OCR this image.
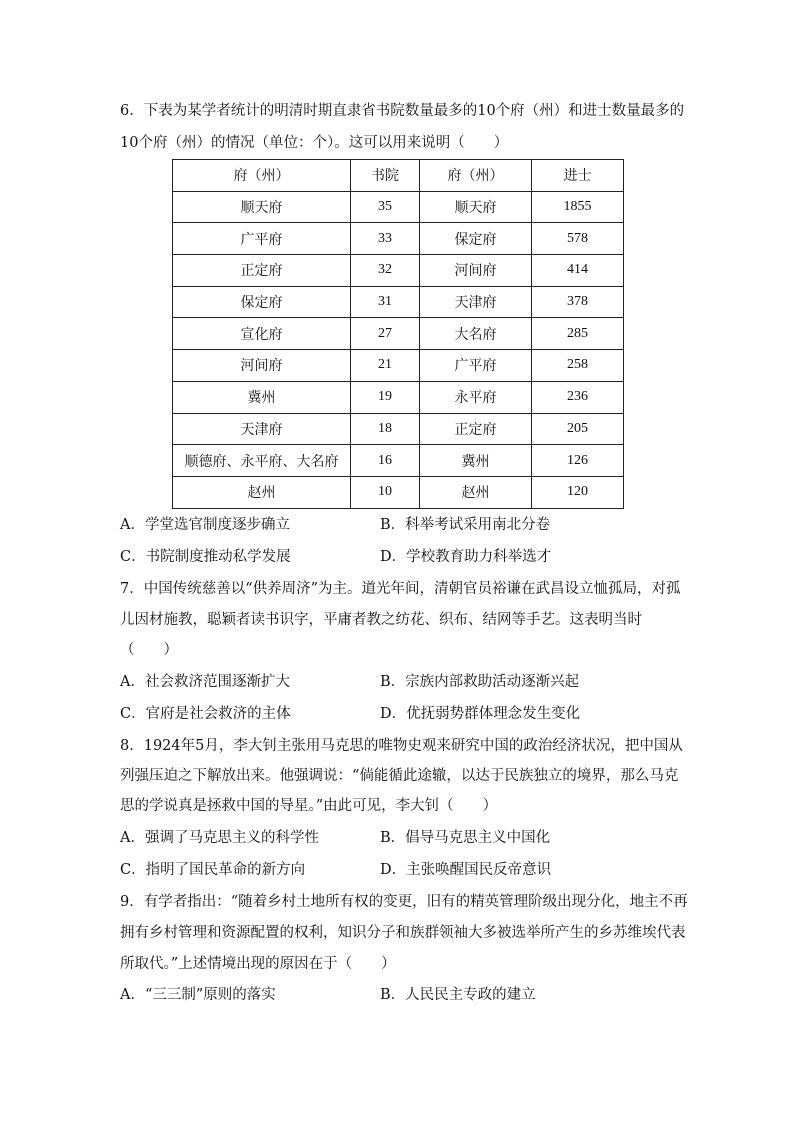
6．下表为某学者统计的明清时期直隶省书院数量最多的10个府（州）和进士数量最多的
10个府（州）的情况（单位：个）。这可以用来说明（　　）
府（州）	书院	府（州）	进士
顺天府	35	顺天府	1855
广平府	33	保定府	578
正定府	32	河间府	414
保定府	31	天津府	378
宣化府	27	大名府	285
河间府	21	广平府	258
冀州	19	永平府	236
天津府	18	正定府	205
顺德府、永平府、大名府	16	冀州	126
赵州	10	赵州	120
A．学堂选官制度逐步确立	B．科举考试采用南北分卷
C．书院制度推动私学发展	D．学校教育助力科举选才
7．中国传统慈善以“供养周济”为主。道光年间，清朝官员裕谦在武昌设立恤孤局，对孤
儿因材施教，聪颖者读书识字，平庸者教之纺花、织布、结网等手艺。这表明当时
（　　）
A．社会救济范围逐渐扩大	B．宗族内部救助活动逐渐兴起
C．官府是社会救济的主体	D．优抚弱势群体理念发生变化
8．1924年5月，李大钊主张用马克思的唯物史观来研究中国的政治经济状况，把中国从
列强压迫之下解放出来。他强调说：“倘能循此途辙，以达于民族独立的境界，那么马克
思的学说真是拯救中国的导星。”由此可见，李大钊（　　）
A．强调了马克思主义的科学性	B．倡导马克思主义中国化
C．指明了国民革命的新方向	D．主张唤醒国民反帝意识
9．有学者指出：“随着乡村土地所有权的变更，旧有的精英管理阶级出现分化，地主不再
拥有乡村管理和资源配置的权利，知识分子和族群领袖大多被选举所产生的乡苏维埃代表
所取代。”上述情境出现的原因在于（　　）
A．“三三制”原则的落实	B．人民民主专政的建立
